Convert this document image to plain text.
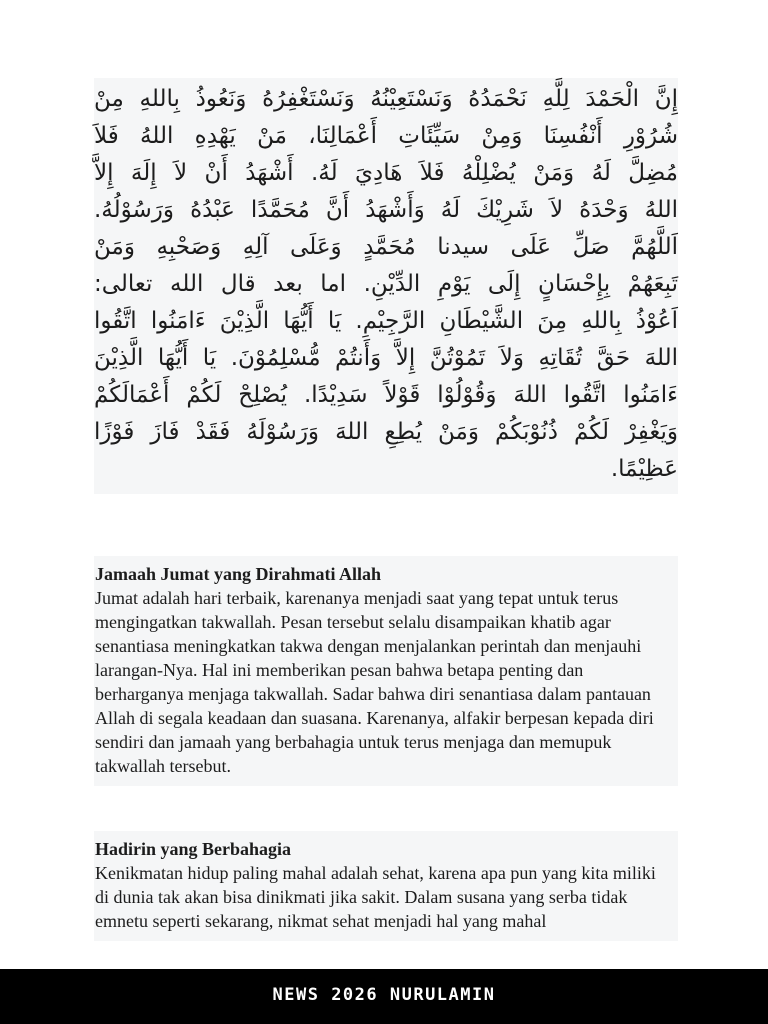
إِنَّ الْحَمْدَ لِلَّهِ نَحْمَدُهُ وَنَسْتَعِيْنُهُ وَنَسْتَغْفِرُهُ وَنَعُوذُ بِاللهِ مِنْ
شُرُوْرِ أَنْفُسِنَا وَمِنْ سَيِّئَاتِ أَعْمَالِنَا، مَنْ يَهْدِهِ اللهُ فَلاَ
مُضِلَّ لَهُ وَمَنْ يُضْلِلْهُ فَلاَ هَادِيَ لَهُ. أَشْهَدُ أَنْ لاَ إِلَهَ إِلاَّ
اللهُ وَحْدَهُ لاَ شَرِيْكَ لَهُ وَأَشْهَدُ أَنَّ مُحَمَّدًا عَبْدُهُ وَرَسُوْلُهُ.
اَللَّهُمَّ صَلِّ عَلَى سيدنا مُحَمَّدٍ وَعَلَى آلِهِ وَصَحْبِهِ وَمَنْ
تَبِعَهُمْ بِإِحْسَانٍ إِلَى يَوْمِ الدِّيْنِ. اما بعد قال الله تعالى:
اَعُوْذُ بِاللهِ مِنَ الشَّيْطَانِ الرَّجِيْمِ. يَا أَيُّهَا الَّذِيْنَ ءَامَنُوا اتَّقُوا
اللهَ حَقَّ تُقَاتِهِ وَلاَ تَمُوْتُنَّ إِلاَّ وَأَنتُمْ مُّسْلِمُوْنَ. يَا أَيُّهَا الَّذِيْنَ
ءَامَنُوا اتَّقُوا اللهَ وَقُوْلُوْا قَوْلاً سَدِيْدًا. يُصْلِحْ لَكُمْ أَعْمَالَكُمْ
وَيَغْفِرْ لَكُمْ ذُنُوْبَكُمْ وَمَنْ يُطِعِ اللهَ وَرَسُوْلَهُ فَقَدْ فَازَ فَوْزًا
عَظِيْمًا.
Jamaah Jumat yang Dirahmati Allah

Jumat adalah hari terbaik, karenanya menjadi saat yang tepat untuk terus mengingatkan takwallah. Pesan tersebut selalu disampaikan khatib agar senantiasa meningkatkan takwa dengan menjalankan perintah dan menjauhi larangan-Nya. Hal ini memberikan pesan bahwa betapa penting dan berharganya menjaga takwallah. Sadar bahwa diri senantiasa dalam pantauan Allah di segala keadaan dan suasana. Karenanya, alfakir berpesan kepada diri sendiri dan jamaah yang berbahagia untuk terus menjaga dan memupuk takwallah tersebut.

Hadirin yang Berbahagia

Kenikmatan hidup paling mahal adalah sehat, karena apa pun yang kita miliki di dunia tak akan bisa dinikmati jika sakit. Dalam susana yang serba tidak emnetu seperti sekarang, nikmat sehat menjadi hal yang mahal

NEWS 2026 NURULAMIN
